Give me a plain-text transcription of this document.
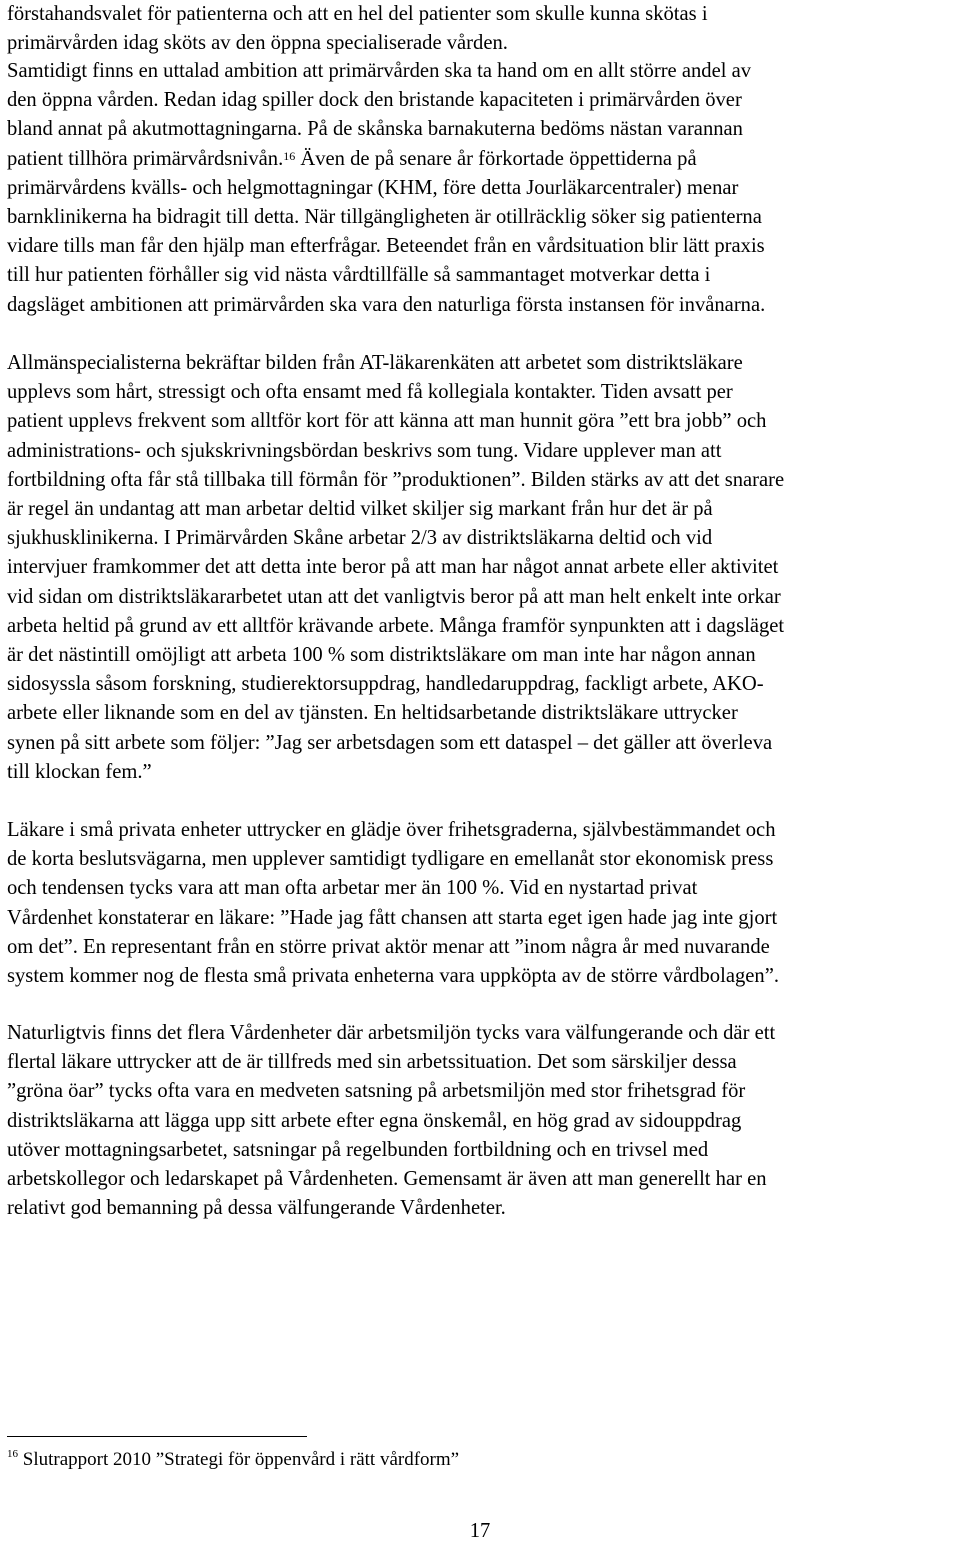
förstahandsvalet för patienterna och att en hel del patienter som skulle kunna skötas i
primärvården idag sköts av den öppna specialiserade vården.
Samtidigt finns en uttalad ambition att primärvården ska ta hand om en allt större andel av
den öppna vården. Redan idag spiller dock den bristande kapaciteten i primärvården över
bland annat på akutmottagningarna. På de skånska barnakuterna bedöms nästan varannan
patient tillhöra primärvårdsnivån.$^{16}$ Även de på senare år förkortade öppettiderna på
primärvårdens kvälls- och helgmottagningar (KHM, före detta Jourläkarcentraler) menar
barnklinikerna ha bidragit till detta. När tillgängligheten är otillräcklig söker sig patienterna
vidare tills man får den hjälp man efterfrågar. Beteendet från en vårdsituation blir lätt praxis
till hur patienten förhåller sig vid nästa vårdtillfälle så sammantaget motverkar detta i
dagsläget ambitionen att primärvården ska vara den naturliga första instansen för invånarna.
Allmänspecialisterna bekräftar bilden från AT-läkarenkäten att arbetet som distriktsläkare
upplevs som hårt, stressigt och ofta ensamt med få kollegiala kontakter. Tiden avsatt per
patient upplevs frekvent som alltför kort för att känna att man hunnit göra ”ett bra jobb” och
administrations- och sjukskrivningsbördan beskrivs som tung. Vidare upplever man att
fortbildning ofta får stå tillbaka till förmån för ”produktionen”. Bilden stärks av att det snarare
är regel än undantag att man arbetar deltid vilket skiljer sig markant från hur det är på
sjukhusklinikerna. I Primärvården Skåne arbetar 2/3 av distriktsläkarna deltid och vid
intervjuer framkommer det att detta inte beror på att man har något annat arbete eller aktivitet
vid sidan om distriktsläkararbetet utan att det vanligtvis beror på att man helt enkelt inte orkar
arbeta heltid på grund av ett alltför krävande arbete. Många framför synpunkten att i dagsläget
är det nästintill omöjligt att arbeta 100 % som distriktsläkare om man inte har någon annan
sidosyssla såsom forskning, studierektorsuppdrag, handledaruppdrag, fackligt arbete, AKO-
arbete eller liknande som en del av tjänsten. En heltidsarbetande distriktsläkare uttrycker
synen på sitt arbete som följer: ”Jag ser arbetsdagen som ett dataspel – det gäller att överleva
till klockan fem.”
Läkare i små privata enheter uttrycker en glädje över frihetsgraderna, självbestämmandet och
de korta beslutsvägarna, men upplever samtidigt tydligare en emellanåt stor ekonomisk press
och tendensen tycks vara att man ofta arbetar mer än 100 %. Vid en nystartad privat
Vårdenhet konstaterar en läkare: ”Hade jag fått chansen att starta eget igen hade jag inte gjort
om det”. En representant från en större privat aktör menar att ”inom några år med nuvarande
system kommer nog de flesta små privata enheterna vara uppköpta av de större vårdbolagen”.
Naturligtvis finns det flera Vårdenheter där arbetsmiljön tycks vara välfungerande och där ett
flertal läkare uttrycker att de är tillfreds med sin arbetssituation. Det som särskiljer dessa
”gröna öar” tycks ofta vara en medveten satsning på arbetsmiljön med stor frihetsgrad för
distriktsläkarna att lägga upp sitt arbete efter egna önskemål, en hög grad av sidouppdrag
utöver mottagningsarbetet, satsningar på regelbunden fortbildning och en trivsel med
arbetskollegor och ledarskapet på Vårdenheten. Gemensamt är även att man generellt har en
relativt god bemanning på dessa välfungerande Vårdenheter.
$^{16}$ Slutrapport 2010 ”Strategi för öppenvård i rätt vårdform”
17
